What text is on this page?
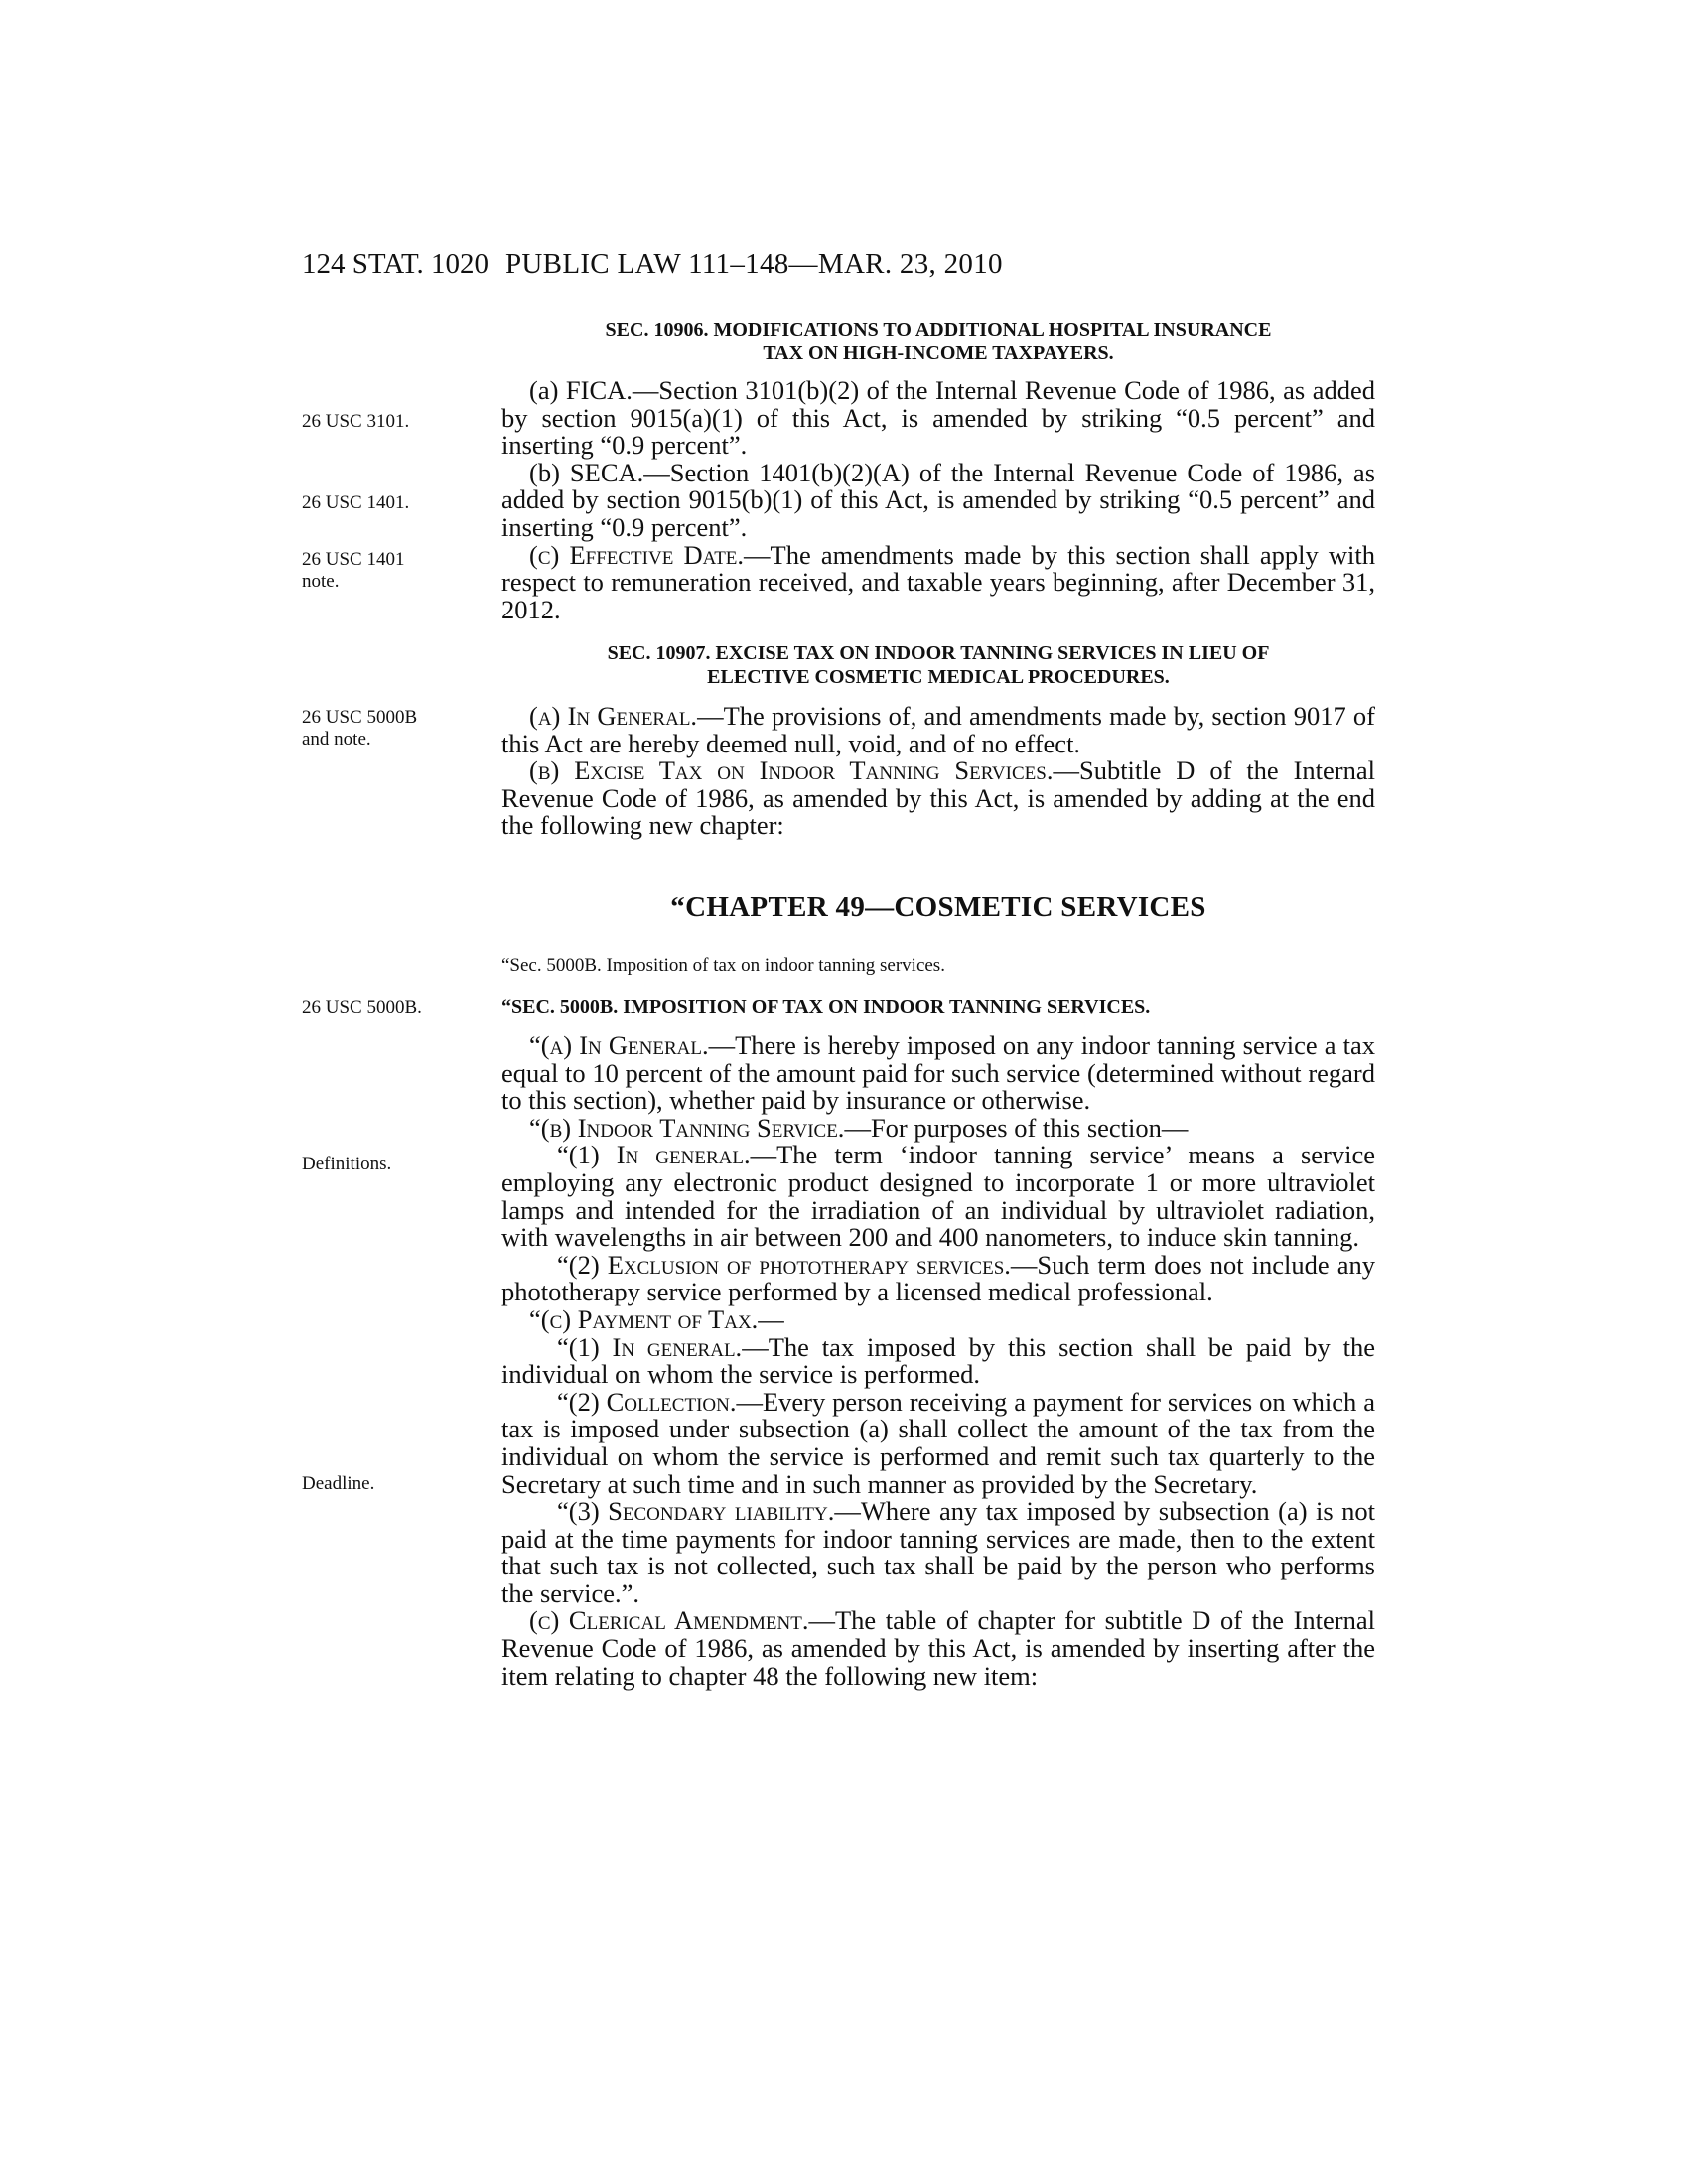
124 STAT. 1020 PUBLIC LAW 111–148—MAR. 23, 2010
26 USC 3101.
26 USC 1401.
26 USC 1401
note.
26 USC 5000B
and note.
26 USC 5000B.
Definitions.
Deadline.
SEC. 10906. MODIFICATIONS TO ADDITIONAL HOSPITAL INSURANCE
TAX ON HIGH-INCOME TAXPAYERS.

(a) FICA.—Section 3101(b)(2) of the Internal Revenue Code of 1986, as added by section 9015(a)(1) of this Act, is amended by striking “0.5 percent” and inserting “0.9 percent”.

(b) SECA.—Section 1401(b)(2)(A) of the Internal Revenue Code of 1986, as added by section 9015(b)(1) of this Act, is amended by striking “0.5 percent” and inserting “0.9 percent”.

(c) Effective Date.—The amendments made by this section shall apply with respect to remuneration received, and taxable years beginning, after December 31, 2012.

SEC. 10907. EXCISE TAX ON INDOOR TANNING SERVICES IN LIEU OF
ELECTIVE COSMETIC MEDICAL PROCEDURES.

(a) In General.—The provisions of, and amendments made by, section 9017 of this Act are hereby deemed null, void, and of no effect.

(b) Excise Tax on Indoor Tanning Services.—Subtitle D of the Internal Revenue Code of 1986, as amended by this Act, is amended by adding at the end the following new chapter:

“CHAPTER 49—COSMETIC SERVICES
“Sec. 5000B. Imposition of tax on indoor tanning services.
“SEC. 5000B. IMPOSITION OF TAX ON INDOOR TANNING SERVICES.

“(a) In General.—There is hereby imposed on any indoor tanning service a tax equal to 10 percent of the amount paid for such service (determined without regard to this section), whether paid by insurance or otherwise.

“(b) Indoor Tanning Service.—For purposes of this section—

“(1) In general.—The term ‘indoor tanning service’ means a service employing any electronic product designed to incorporate 1 or more ultraviolet lamps and intended for the irradiation of an individual by ultraviolet radiation, with wavelengths in air between 200 and 400 nanometers, to induce skin tanning.

“(2) Exclusion of phototherapy services.—Such term does not include any phototherapy service performed by a licensed medical professional.

“(c) Payment of Tax.—

“(1) In general.—The tax imposed by this section shall be paid by the individual on whom the service is performed.

“(2) Collection.—Every person receiving a payment for services on which a tax is imposed under subsection (a) shall collect the amount of the tax from the individual on whom the service is performed and remit such tax quarterly to the Secretary at such time and in such manner as provided by the Secretary.

“(3) Secondary liability.—Where any tax imposed by subsection (a) is not paid at the time payments for indoor tanning services are made, then to the extent that such tax is not collected, such tax shall be paid by the person who performs the service.”.

(c) Clerical Amendment.—The table of chapter for subtitle D of the Internal Revenue Code of 1986, as amended by this Act, is amended by inserting after the item relating to chapter 48 the following new item:
